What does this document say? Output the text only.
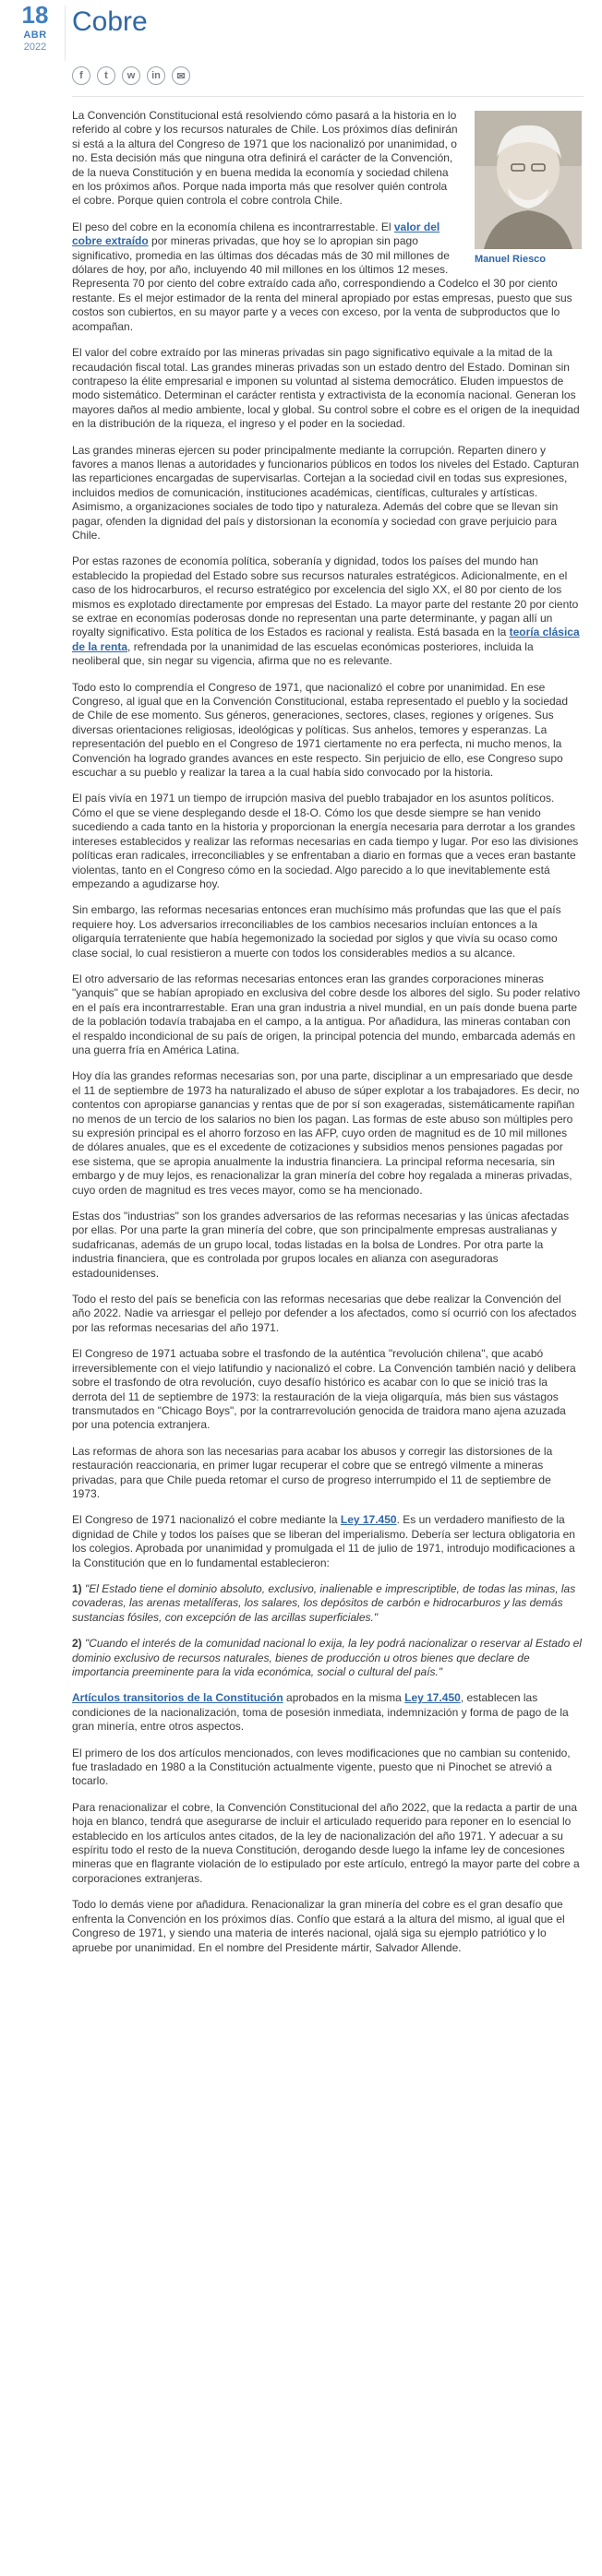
18
ABR
2022
Cobre
f	t	w	in	✉
Manuel Riesco

La Convención Constitucional está resolviendo cómo pasará a la historia en lo referido al cobre y los recursos naturales de Chile. Los próximos días definirán si está a la altura del Congreso de 1971 que los nacionalizó por unanimidad, o no. Esta decisión más que ninguna otra definirá el carácter de la Convención, de la nueva Constitución y en buena medida la economía y sociedad chilena en los próximos años. Porque nada importa más que resolver quién controla el cobre. Porque quien controla el cobre controla Chile.

El peso del cobre en la economía chilena es incontrarrestable. El valor del cobre extraído por mineras privadas, que hoy se lo apropian sin pago significativo, promedia en las últimas dos décadas más de 30 mil millones de dólares de hoy, por año, incluyendo 40 mil millones en los últimos 12 meses. Representa 70 por ciento del cobre extraído cada año, correspondiendo a Codelco el 30 por ciento restante. Es el mejor estimador de la renta del mineral apropiado por estas empresas, puesto que sus costos son cubiertos, en su mayor parte y a veces con exceso, por la venta de subproductos que lo acompañan.

El valor del cobre extraído por las mineras privadas sin pago significativo equivale a la mitad de la recaudación fiscal total. Las grandes mineras privadas son un estado dentro del Estado. Dominan sin contrapeso la élite empresarial e imponen su voluntad al sistema democrático. Eluden impuestos de modo sistemático. Determinan el carácter rentista y extractivista de la economía nacional. Generan los mayores daños al medio ambiente, local y global. Su control sobre el cobre es el origen de la inequidad en la distribución de la riqueza, el ingreso y el poder en la sociedad.

Las grandes mineras ejercen su poder principalmente mediante la corrupción. Reparten dinero y favores a manos llenas a autoridades y funcionarios públicos en todos los niveles del Estado. Capturan las reparticiones encargadas de supervisarlas. Cortejan a la sociedad civil en todas sus expresiones, incluidos medios de comunicación, instituciones académicas, científicas, culturales y artísticas. Asimismo, a organizaciones sociales de todo tipo y naturaleza. Además del cobre que se llevan sin pagar, ofenden la dignidad del país y distorsionan la economía y sociedad con grave perjuicio para Chile.

Por estas razones de economía política, soberanía y dignidad, todos los países del mundo han establecido la propiedad del Estado sobre sus recursos naturales estratégicos. Adicionalmente, en el caso de los hidrocarburos, el recurso estratégico por excelencia del siglo XX, el 80 por ciento de los mismos es explotado directamente por empresas del Estado. La mayor parte del restante 20 por ciento se extrae en economías poderosas donde no representan una parte determinante, y pagan allí un royalty significativo. Esta política de los Estados es racional y realista. Está basada en la teoría clásica de la renta, refrendada por la unanimidad de las escuelas económicas posteriores, incluida la neoliberal que, sin negar su vigencia, afirma que no es relevante.

Todo esto lo comprendía el Congreso de 1971, que nacionalizó el cobre por unanimidad. En ese Congreso, al igual que en la Convención Constitucional, estaba representado el pueblo y la sociedad de Chile de ese momento. Sus géneros, generaciones, sectores, clases, regiones y orígenes. Sus diversas orientaciones religiosas, ideológicas y políticas. Sus anhelos, temores y esperanzas. La representación del pueblo en el Congreso de 1971 ciertamente no era perfecta, ni mucho menos, la Convención ha logrado grandes avances en este respecto. Sin perjuicio de ello, ese Congreso supo escuchar a su pueblo y realizar la tarea a la cual había sido convocado por la historia.

El país vivía en 1971 un tiempo de irrupción masiva del pueblo trabajador en los asuntos políticos. Cómo el que se viene desplegando desde el 18-O. Cómo los que desde siempre se han venido sucediendo a cada tanto en la historia y proporcionan la energía necesaria para derrotar a los grandes intereses establecidos y realizar las reformas necesarias en cada tiempo y lugar. Por eso las divisiones políticas eran radicales, irreconciliables y se enfrentaban a diario en formas que a veces eran bastante violentas, tanto en el Congreso cómo en la sociedad. Algo parecido a lo que inevitablemente está empezando a agudizarse hoy.

Sin embargo, las reformas necesarias entonces eran muchísimo más profundas que las que el país requiere hoy. Los adversarios irreconciliables de los cambios necesarios incluían entonces a la oligarquía terrateniente que había hegemonizado la sociedad por siglos y que vivía su ocaso como clase social, lo cual resistieron a muerte con todos los considerables medios a su alcance.

El otro adversario de las reformas necesarias entonces eran las grandes corporaciones mineras "yanquis" que se habían apropiado en exclusiva del cobre desde los albores del siglo. Su poder relativo en el país era incontrarrestable. Eran una gran industria a nivel mundial, en un país donde buena parte de la población todavía trabajaba en el campo, a la antigua. Por añadidura, las mineras contaban con el respaldo incondicional de su país de origen, la principal potencia del mundo, embarcada además en una guerra fría en América Latina.

Hoy día las grandes reformas necesarias son, por una parte, disciplinar a un empresariado que desde el 11 de septiembre de 1973 ha naturalizado el abuso de súper explotar a los trabajadores. Es decir, no contentos con apropiarse ganancias y rentas que de por sí son exageradas, sistemáticamente rapiñan no menos de un tercio de los salarios no bien los pagan. Las formas de este abuso son múltiples pero su expresión principal es el ahorro forzoso en las AFP, cuyo orden de magnitud es de 10 mil millones de dólares anuales, que es el excedente de cotizaciones y subsidios menos pensiones pagadas por ese sistema, que se apropia anualmente la industria financiera. La principal reforma necesaria, sin embargo y de muy lejos, es renacionalizar la gran minería del cobre hoy regalada a mineras privadas, cuyo orden de magnitud es tres veces mayor, como se ha mencionado.

Estas dos "industrias" son los grandes adversarios de las reformas necesarias y las únicas afectadas por ellas. Por una parte la gran minería del cobre, que son principalmente empresas australianas y sudafricanas, además de un grupo local, todas listadas en la bolsa de Londres. Por otra parte la industria financiera, que es controlada por grupos locales en alianza con aseguradoras estadounidenses.

Todo el resto del país se beneficia con las reformas necesarias que debe realizar la Convención del año 2022. Nadie va arriesgar el pellejo por defender a los afectados, como sí ocurrió con los afectados por las reformas necesarias del año 1971.

El Congreso de 1971 actuaba sobre el trasfondo de la auténtica "revolución chilena", que acabó irreversiblemente con el viejo latifundio y nacionalizó el cobre. La Convención también nació y delibera sobre el trasfondo de otra revolución, cuyo desafío histórico es acabar con lo que se inició tras la derrota del 11 de septiembre de 1973: la restauración de la vieja oligarquía, más bien sus vástagos transmutados en "Chicago Boys", por la contrarrevolución genocida de traidora mano ajena azuzada por una potencia extranjera.

Las reformas de ahora son las necesarias para acabar los abusos y corregir las distorsiones de la restauración reaccionaria, en primer lugar recuperar el cobre que se entregó vilmente a mineras privadas, para que Chile pueda retomar el curso de progreso interrumpido el 11 de septiembre de 1973.

El Congreso de 1971 nacionalizó el cobre mediante la Ley 17.450. Es un verdadero manifiesto de la dignidad de Chile y todos los países que se liberan del imperialismo. Debería ser lectura obligatoria en los colegios. Aprobada por unanimidad y promulgada el 11 de julio de 1971, introdujo modificaciones a la Constitución que en lo fundamental establecieron:

1) "El Estado tiene el dominio absoluto, exclusivo, inalienable e imprescriptible, de todas las minas, las covaderas, las arenas metalíferas, los salares, los depósitos de carbón e hidrocarburos y las demás sustancias fósiles, con excepción de las arcillas superficiales."

2) "Cuando el interés de la comunidad nacional lo exija, la ley podrá nacionalizar o reservar al Estado el dominio exclusivo de recursos naturales, bienes de producción u otros bienes que declare de importancia preeminente para la vida económica, social o cultural del país."

Artículos transitorios de la Constitución aprobados en la misma Ley 17.450, establecen las condiciones de la nacionalización, toma de posesión inmediata, indemnización y forma de pago de la gran minería, entre otros aspectos.

El primero de los dos artículos mencionados, con leves modificaciones que no cambian su contenido, fue trasladado en 1980 a la Constitución actualmente vigente, puesto que ni Pinochet se atrevió a tocarlo.

Para renacionalizar el cobre, la Convención Constitucional del año 2022, que la redacta a partir de una hoja en blanco, tendrá que asegurarse de incluir el articulado requerido para reponer en lo esencial lo establecido en los artículos antes citados, de la ley de nacionalización del año 1971. Y adecuar a su espíritu todo el resto de la nueva Constitución, derogando desde luego la infame ley de concesiones mineras que en flagrante violación de lo estipulado por este artículo, entregó la mayor parte del cobre a corporaciones extranjeras.

Todo lo demás viene por añadidura. Renacionalizar la gran minería del cobre es el gran desafío que enfrenta la Convención en los próximos días. Confío que estará a la altura del mismo, al igual que el Congreso de 1971, y siendo una materia de interés nacional, ojalá siga su ejemplo patriótico y lo apruebe por unanimidad. En el nombre del Presidente mártir, Salvador Allende.
